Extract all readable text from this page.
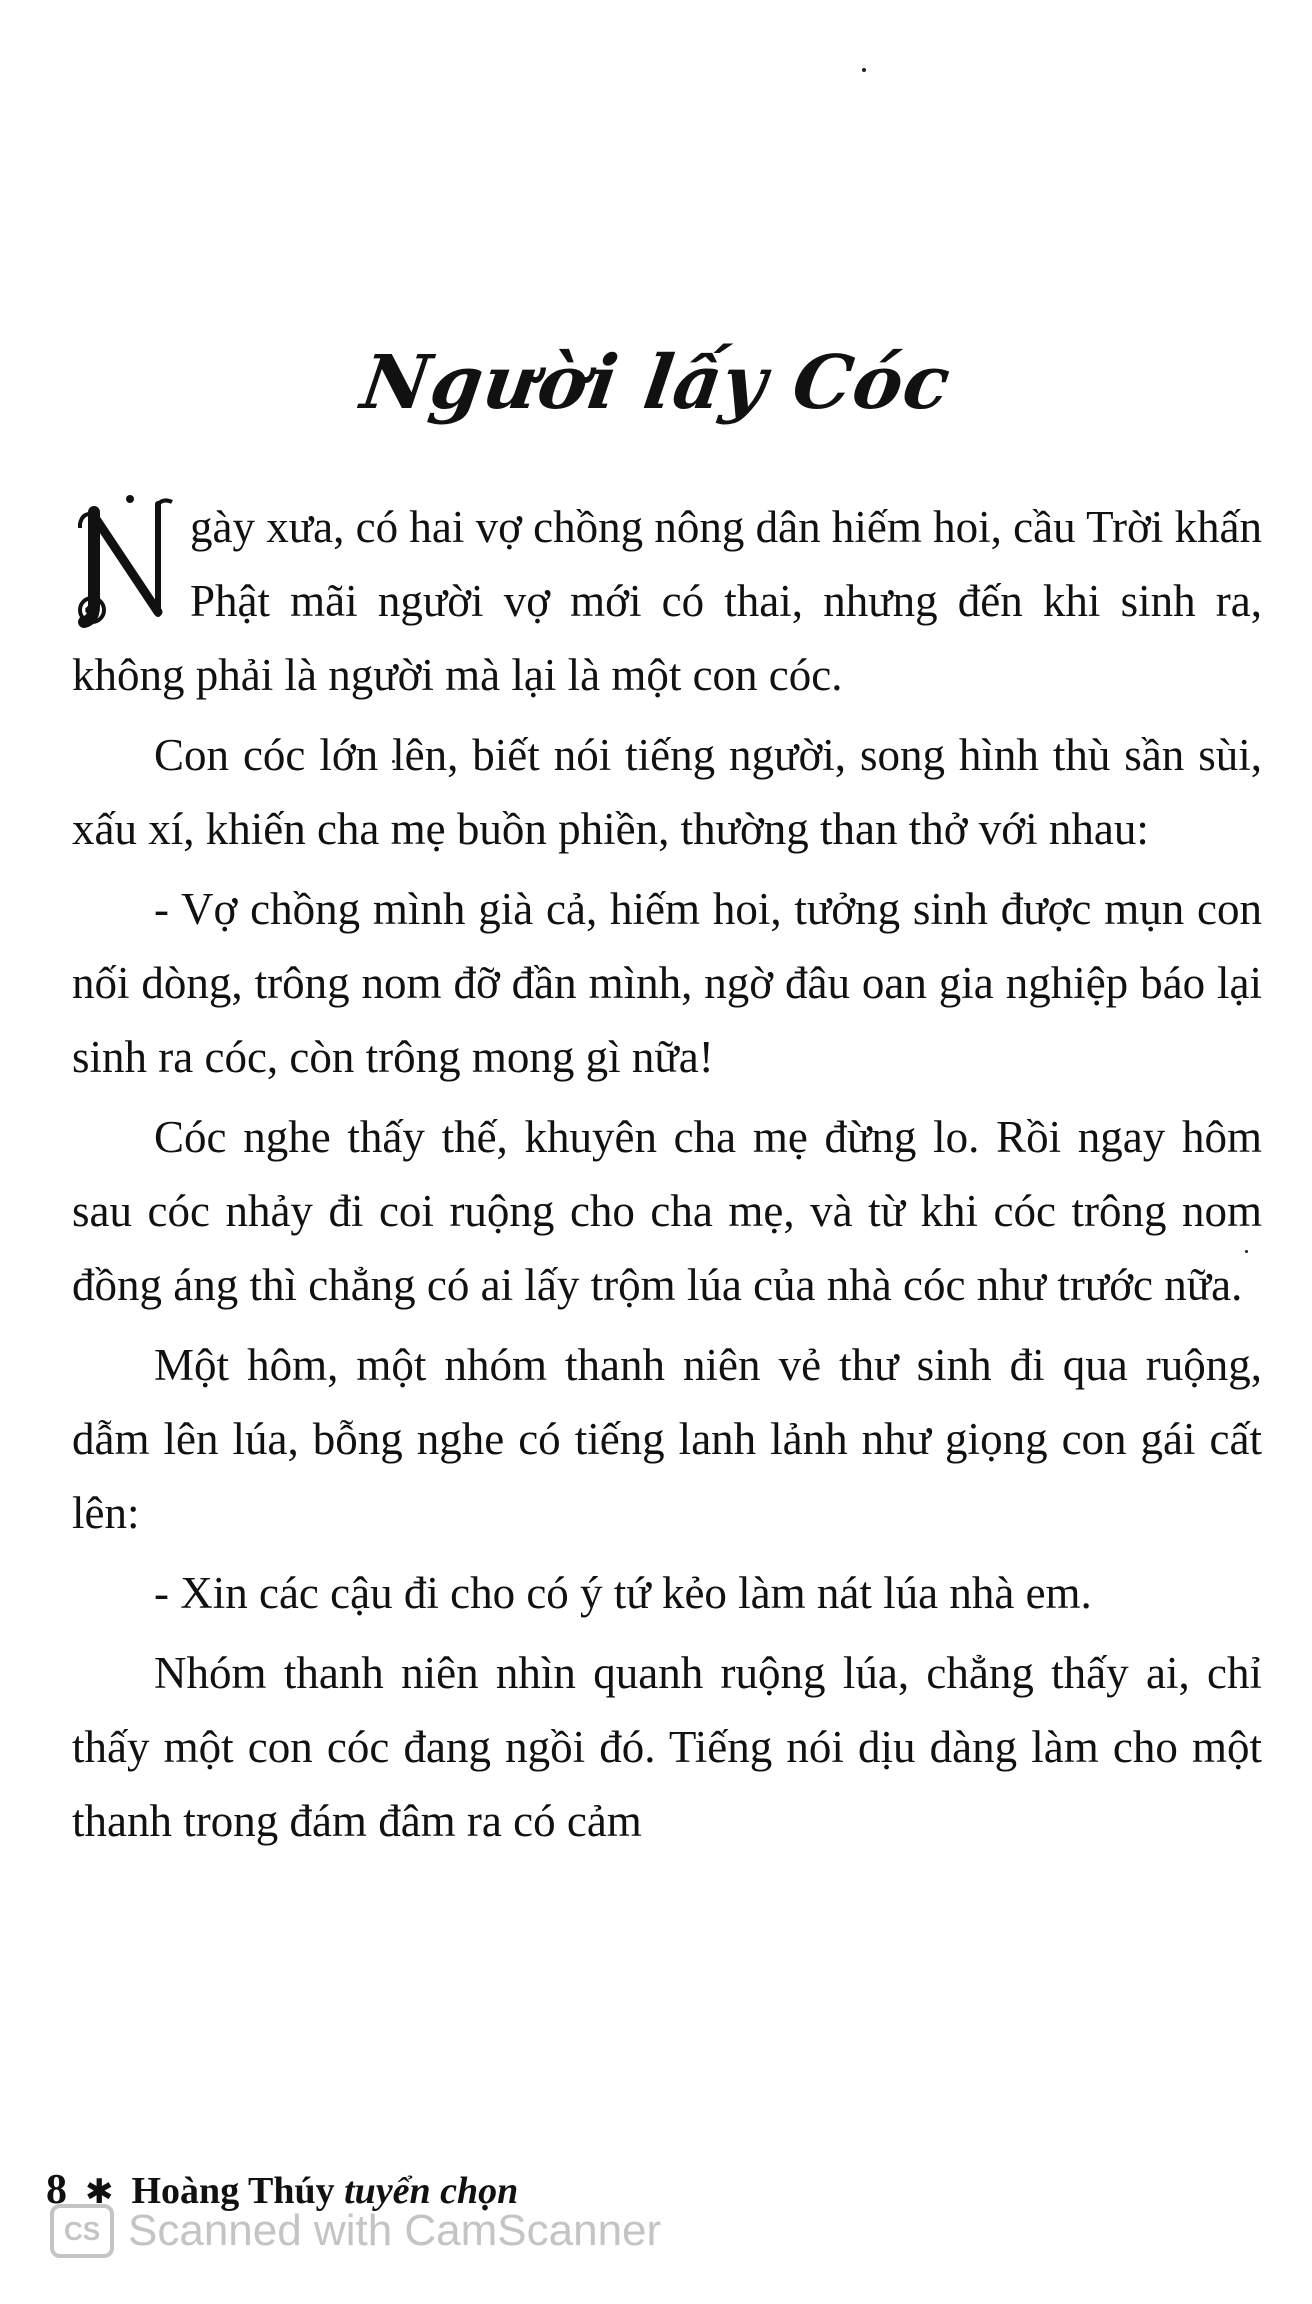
Người lấy Cóc

gày xưa, có hai vợ chồng nông dân hiếm hoi, cầu Trời khấn Phật mãi người vợ mới có thai, nhưng đến khi sinh ra, không phải là người mà lại là một con cóc.

Con cóc lớn lên, biết nói tiếng người, song hình thù sần sùi, xấu xí, khiến cha mẹ buồn phiền, thường than thở với nhau:

- Vợ chồng mình già cả, hiếm hoi, tưởng sinh được mụn con nối dòng, trông nom đỡ đần mình, ngờ đâu oan gia nghiệp báo lại sinh ra cóc, còn trông mong gì nữa!

Cóc nghe thấy thế, khuyên cha mẹ đừng lo. Rồi ngay hôm sau cóc nhảy đi coi ruộng cho cha mẹ, và từ khi cóc trông nom đồng áng thì chẳng có ai lấy trộm lúa của nhà cóc như trước nữa.

Một hôm, một nhóm thanh niên vẻ thư sinh đi qua ruộng, dẫm lên lúa, bỗng nghe có tiếng lanh lảnh như giọng con gái cất lên:

- Xin các cậu đi cho có ý tứ kẻo làm nát lúa nhà em.

Nhóm thanh niên nhìn quanh ruộng lúa, chẳng thấy ai, chỉ thấy một con cóc đang ngồi đó. Tiếng nói dịu dàng làm cho một thanh trong đám đâm ra có cảm

8 ✱ Hoàng Thúy tuyển chọn
CS Scanned with CamScanner
